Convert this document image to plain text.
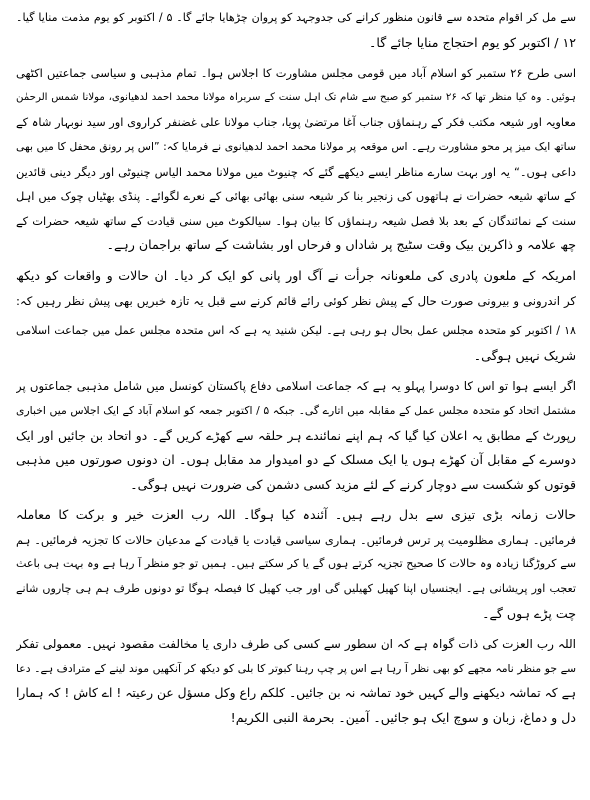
سے مل کر اقوام متحدہ سے قانون منظور کرانے کی جدوجہد کو پروان چڑھایا جائے گا۔ ۵ / اکتوبر کو یوم مذمت منایا گیا۔
۱۲ / اکتوبر کو یوم احتجاج منایا جائے گا۔
اسی طرح ۲۶ ستمبر کو اسلام آباد میں قومی مجلس مشاورت کا اجلاس ہوا۔ تمام مذہبی و سیاسی جماعتیں اکٹھی
ہوئیں۔ وہ کیا منظر تھا کہ ۲۶ ستمبر کو صبح سے شام تک اہل سنت کے سربراہ مولانا محمد احمد لدھیانوی، مولانا شمس الرحمٰن
معاویہ اور شیعہ مکتب فکر کے رہنماؤں جناب آغا مرتضیٰ پویا، جناب مولانا علی غضنفر کراروی اور سید نوبہار شاہ کے
ساتھ ایک میز پر محو مشاورت رہے۔ اس موقعہ پر مولانا محمد احمد لدھیانوی نے فرمایا کہ: ”اس پر رونق محفل کا میں بھی
داعی ہوں۔“ یہ اور بہت سارے مناظر ایسے دیکھے گئے کہ چنیوٹ میں مولانا محمد الیاس چنیوٹی اور دیگر دینی قائدین
کے ساتھ شیعہ حضرات نے ہاتھوں کی زنجیر بنا کر شیعہ سنی بھائی بھائی کے نعرے لگوائے۔ پنڈی بھٹیاں چوک میں اہل
سنت کے نمائندگان کے بعد بلا فصل شیعہ رہنماؤں کا بیان ہوا۔ سیالکوٹ میں سنی قیادت کے ساتھ شیعہ حضرات کے
چھ علامہ و ذاکرین بیک وقت سٹیج پر شاداں و فرحاں اور بشاشت کے ساتھ براجمان رہے۔
امریکہ کے ملعون پادری کی ملعونانہ جرأت نے آگ اور پانی کو ایک کر دیا۔ ان حالات و واقعات کو دیکھ
کر اندرونی و بیرونی صورت حال کے پیش نظر کوئی رائے قائم کرنے سے قبل یہ تازہ خبریں بھی پیش نظر رہیں کہ:
۱۸ / اکتوبر کو متحدہ مجلس عمل بحال ہو رہی ہے۔ لیکن شنید یہ ہے کہ اس متحدہ مجلس عمل میں جماعت اسلامی
شریک نہیں ہوگی۔
اگر ایسے ہوا تو اس کا دوسرا پہلو یہ ہے کہ جماعت اسلامی دفاع پاکستان کونسل میں شامل مذہبی جماعتوں پر
مشتمل اتحاد کو متحدہ مجلس عمل کے مقابلہ میں اتارے گی۔ جبکہ ۵ / اکتوبر جمعہ کو اسلام آباد کے ایک اجلاس میں اخباری
رپورٹ کے مطابق یہ اعلان کیا گیا کہ ہم اپنے نمائندے ہر حلقہ سے کھڑے کریں گے۔ دو اتحاد بن جائیں اور ایک
دوسرے کے مقابل آن کھڑے ہوں یا ایک مسلک کے دو امیدوار مد مقابل ہوں۔ ان دونوں صورتوں میں مذہبی
قوتوں کو شکست سے دوچار کرنے کے لئے مزید کسی دشمن کی ضرورت نہیں ہوگی۔
حالات زمانہ بڑی تیزی سے بدل رہے ہیں۔ آئندہ کیا ہوگا۔ اللہ رب العزت خیر و برکت کا معاملہ
فرمائیں۔ ہماری مظلومیت پر ترس فرمائیں۔ ہماری سیاسی قیادت یا قیادت کے مدعیان حالات کا تجزیہ فرمائیں۔ ہم
سے کروڑگنا زیادہ وہ حالات کا صحیح تجزیہ کرتے ہوں گے یا کر سکتے ہیں۔ ہمیں تو جو منظر آ رہا ہے وہ بہت ہی باعث
تعجب اور پریشانی ہے۔ ایجنسیاں اپنا کھیل کھیلیں گی اور جب کھیل کا فیصلہ ہوگا تو دونوں طرف ہم ہی چاروں شانے
چت پڑے ہوں گے۔
اللہ رب العزت کی ذات گواہ ہے کہ ان سطور سے کسی کی طرف داری یا مخالفت مقصود نہیں۔ معمولی تفکر
سے جو منظر نامہ مجھے کو بھی نظر آ رہا ہے اس پر چپ رہنا کبوتر کا بلی کو دیکھ کر آنکھیں موند لینے کے مترادف ہے۔ دعا
ہے کہ تماشہ دیکھنے والے کہیں خود تماشہ نہ بن جائیں۔ کلکم راع وکل مسؤل عن رعیتہ ! اے کاش ! کہ ہمارا
دل و دماغ، زبان و سوچ ایک ہو جائیں۔ آمین۔ بحرمة النبی الکریم!
